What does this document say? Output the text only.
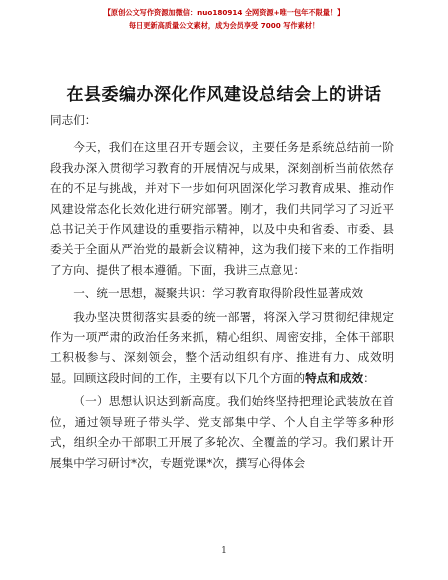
【原创公文写作资源加微信：nuo180914 全网资源+唯一包年不限量！】
每日更新高质量公文素材，成为会员享受 7000 写作素材！
在县委编办深化作风建设总结会上的讲话

同志们：

今天，我们在这里召开专题会议，主要任务是系统总结前一阶段我办深入贯彻学习教育的开展情况与成果，深刻剖析当前依然存在的不足与挑战，并对下一步如何巩固深化学习教育成果、推动作风建设常态化长效化进行研究部署。刚才，我们共同学习了习近平总书记关于作风建设的重要指示精神，以及中央和省委、市委、县委关于全面从严治党的最新会议精神，这为我们接下来的工作指明了方向、提供了根本遵循。下面，我讲三点意见：

一、统一思想，凝聚共识：学习教育取得阶段性显著成效

我办坚决贯彻落实县委的统一部署，将深入学习贯彻纪律规定作为一项严肃的政治任务来抓，精心组织、周密安排，全体干部职工积极参与、深刻领会，整个活动组织有序、推进有力、成效明显。回顾这段时间的工作，主要有以下几个方面的特点和成效：

（一）思想认识达到新高度。我们始终坚持把理论武装放在首位，通过领导班子带头学、党支部集中学、个人自主学等多种形式，组织全办干部职工开展了多轮次、全覆盖的学习。我们累计开展集中学习研讨*次，专题党课*次，撰写心得体会

1
